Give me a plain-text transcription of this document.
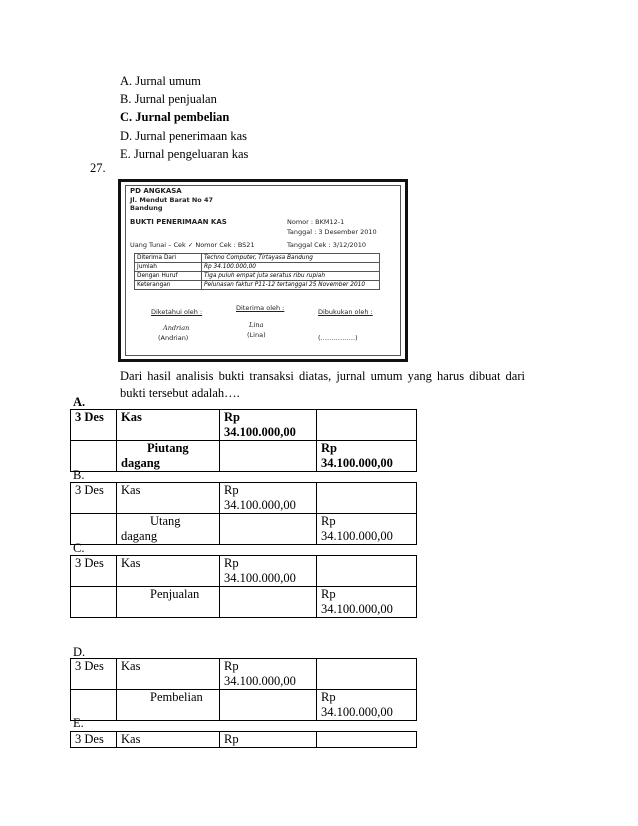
A. Jurnal umum
B. Jurnal penjualan
C. Jurnal pembelian
D. Jurnal penerimaan kas
E. Jurnal pengeluaran kas
27.
PD ANGKASA
Jl. Mendut Barat No 47
Bandung
BUKTI PENERIMAAN KAS	Nomor : BKM12-1
Tanggal : 3 Desember 2010
Uang Tunai – Cek ✓ Nomor Cek : BS21	Tanggal Cek : 3/12/2010
Diterima Dari	Techno Computer, Tirtayasa Bandung
Jumlah	Rp 34.100.000,00
Dengan Huruf	Tiga puluh empat juta seratus ribu rupiah
Keterangan	Pelunasan faktur P11-12 tertanggal 25 November 2010
Diketahui oleh :	Diterima oleh :	Dibukukan oleh :
Andrian	Lina
(Andrian)	(Lina)	(…………….)
Dari hasil analisis bukti transaksi diatas, jurnal umum yang harus dibuat dari bukti tersebut adalah….
A.
3 Des	Kas	Rp
34.100.000,00	
	Piutang
dagang		Rp
34.100.000,00
B.
3 Des	Kas	Rp
34.100.000,00	
	Utang
dagang		Rp
34.100.000,00
C.
3 Des	Kas	Rp
34.100.000,00	
	Penjualan		Rp
34.100.000,00
D.
3 Des	Kas	Rp
34.100.000,00	
	Pembelian		Rp
34.100.000,00
E.
3 Des	Kas	Rp	
